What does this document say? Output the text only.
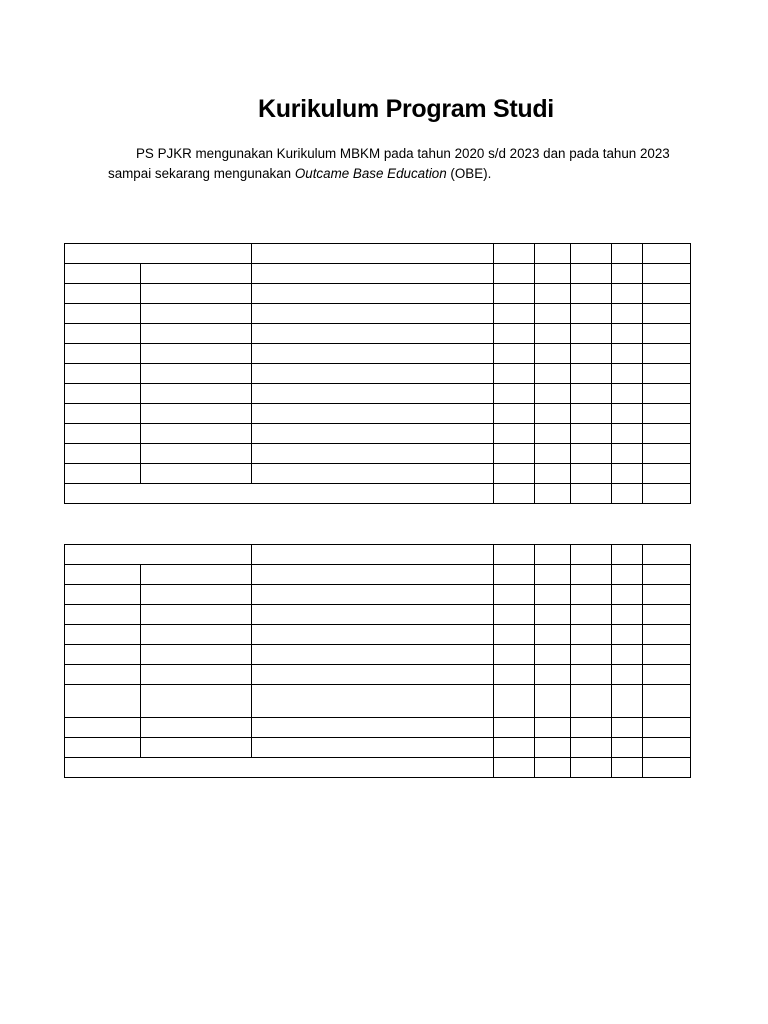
Kurikulum Program Studi

PS PJKR mengunakan Kurikulum MBKM pada tahun 2020 s/d 2023 dan pada tahun 2023
sampai sekarang mengunakan Outcame Base Education (OBE).
